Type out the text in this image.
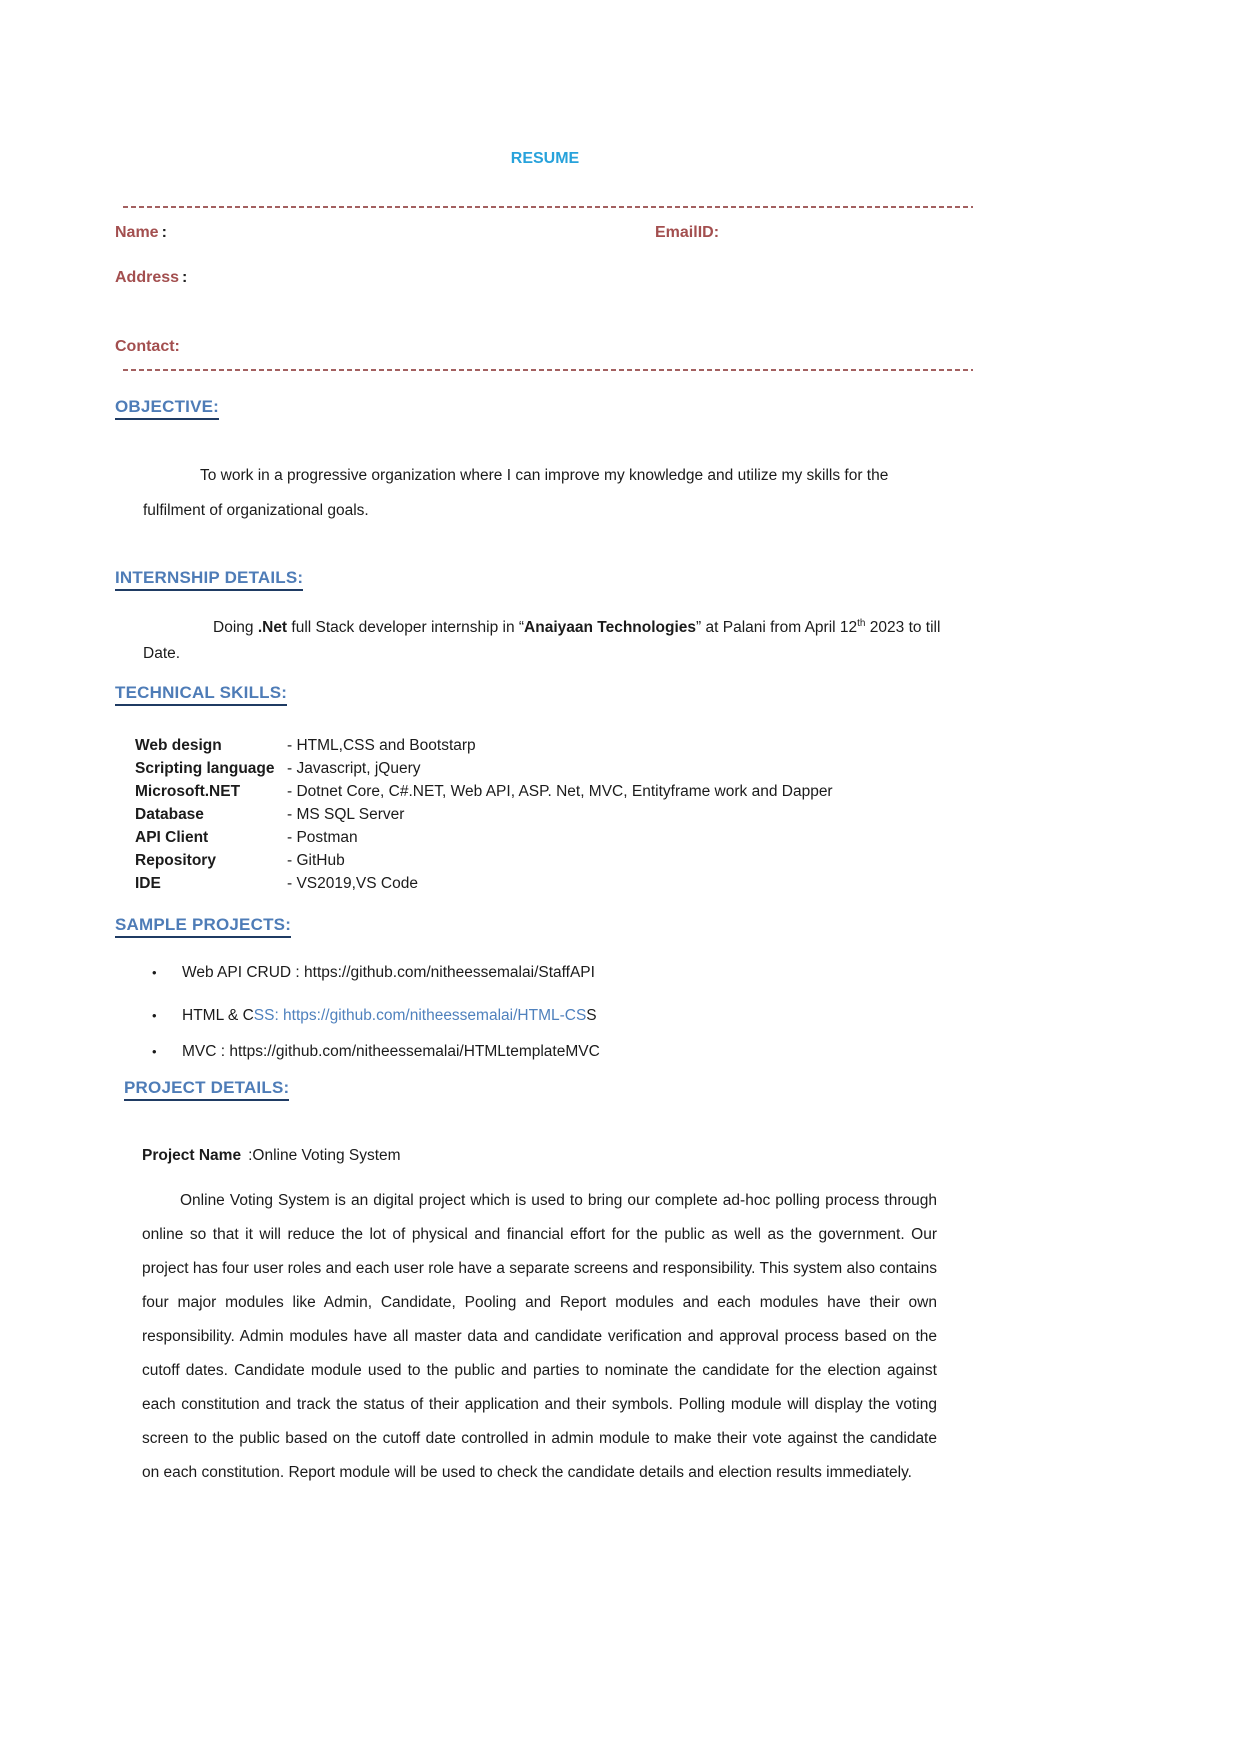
RESUME
Name :	EmailID:
Address :
Contact:
OBJECTIVE:

To work in a progressive organization where I can improve my knowledge and utilize my skills for the fulfilment of organizational goals.

INTERNSHIP DETAILS:

Doing .Net full Stack developer internship in “Anaiyaan Technologies” at Palani from April 12th 2023 to till Date.

TECHNICAL SKILLS:
Web design	- HTML,CSS and Bootstarp
Scripting language - Javascript, jQuery
Microsoft.NET	- Dotnet Core, C#.NET, Web API, ASP. Net, MVC, Entityframe work and Dapper
Database	- MS SQL Server
API Client	- Postman
Repository	- GitHub
IDE	- VS2019,VS Code
SAMPLE PROJECTS:
•	Web API CRUD : https://github.com/nitheessemalai/StaffAPI
•	HTML & CSS: https://github.com/nitheessemalai/HTML-CSS
•	MVC : https://github.com/nitheessemalai/HTMLtemplateMVC
PROJECT DETAILS:
Project Name :Online Voting System

Online Voting System is an digital project which is used to bring our complete ad-hoc polling process through online so that it will reduce the lot of physical and financial effort for the public as well as the government. Our project has four user roles and each user role have a separate screens and responsibility. This system also contains four major modules like Admin, Candidate, Pooling and Report modules and each modules have their own responsibility. Admin modules have all master data and candidate verification and approval process based on the cutoff dates. Candidate module used to the public and parties to nominate the candidate for the election against each constitution and track the status of their application and their symbols. Polling module will display the voting screen to the public based on the cutoff date controlled in admin module to make their vote against the candidate on each constitution. Report module will be used to check the candidate details and election results immediately.
